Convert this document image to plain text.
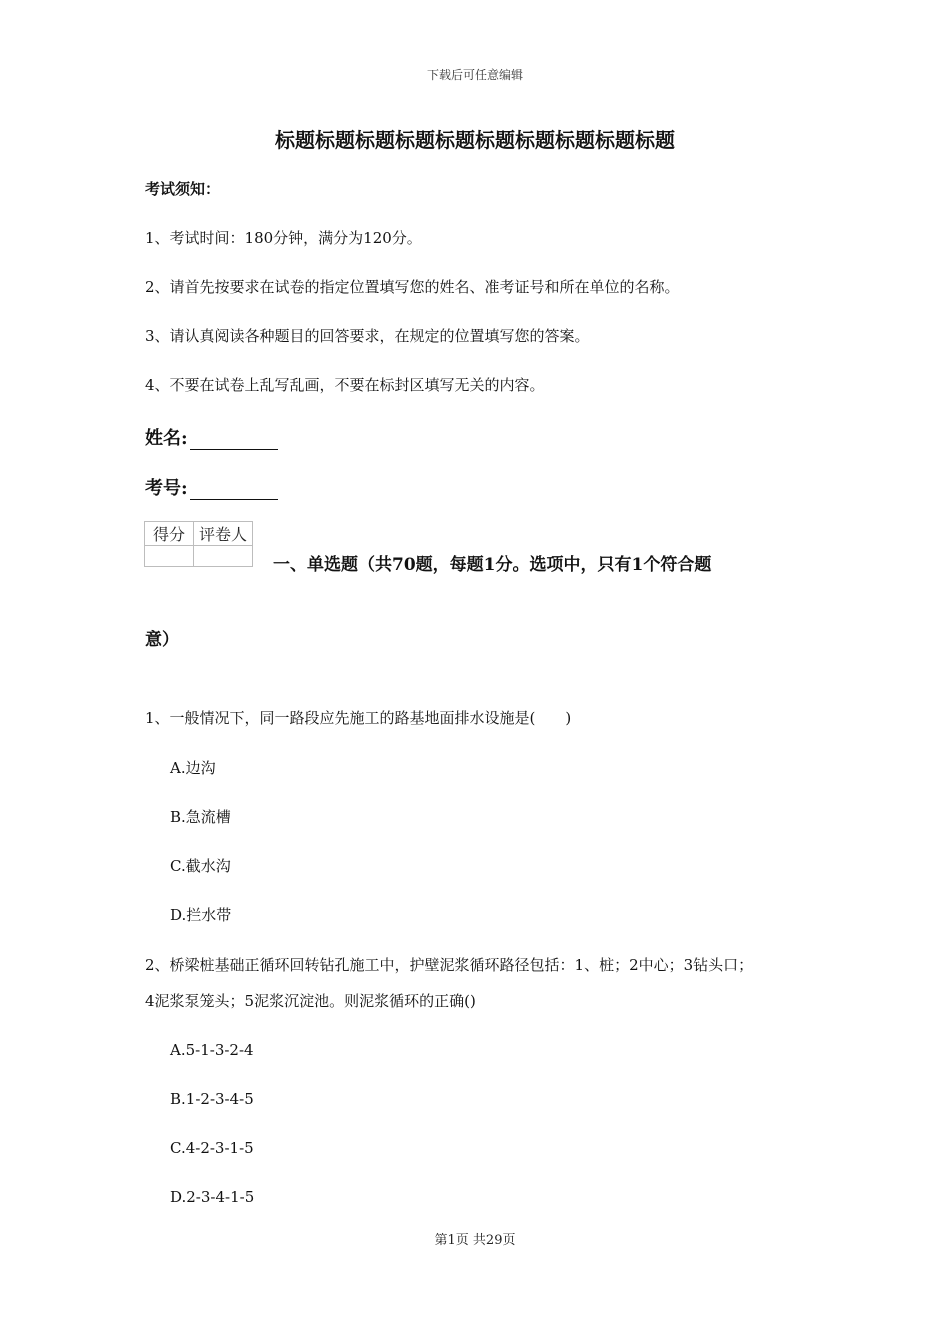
下载后可任意编辑
标题标题标题标题标题标题标题标题标题标题
考试须知：
1、考试时间：180分钟，满分为120分。
2、请首先按要求在试卷的指定位置填写您的姓名、准考证号和所在单位的名称。
3、请认真阅读各种题目的回答要求，在规定的位置填写您的答案。
4、不要在试卷上乱写乱画，不要在标封区填写无关的内容。
姓名:
考号:
得分	评卷人

一、单选题（共70题，每题1分。选项中，只有1个符合题
意）
1、一般情况下，同一路段应先施工的路基地面排水设施是(　　)
A.边沟
B.急流槽
C.截水沟
D.拦水带
2、桥梁桩基础正循环回转钻孔施工中，护壁泥浆循环路径包括：1、桩；2中心；3钻头口；
4泥浆泵笼头；5泥浆沉淀池。则泥浆循环的正确()
A.5-1-3-2-4
B.1-2-3-4-5
C.4-2-3-1-5
D.2-3-4-1-5
第1页 共29页
